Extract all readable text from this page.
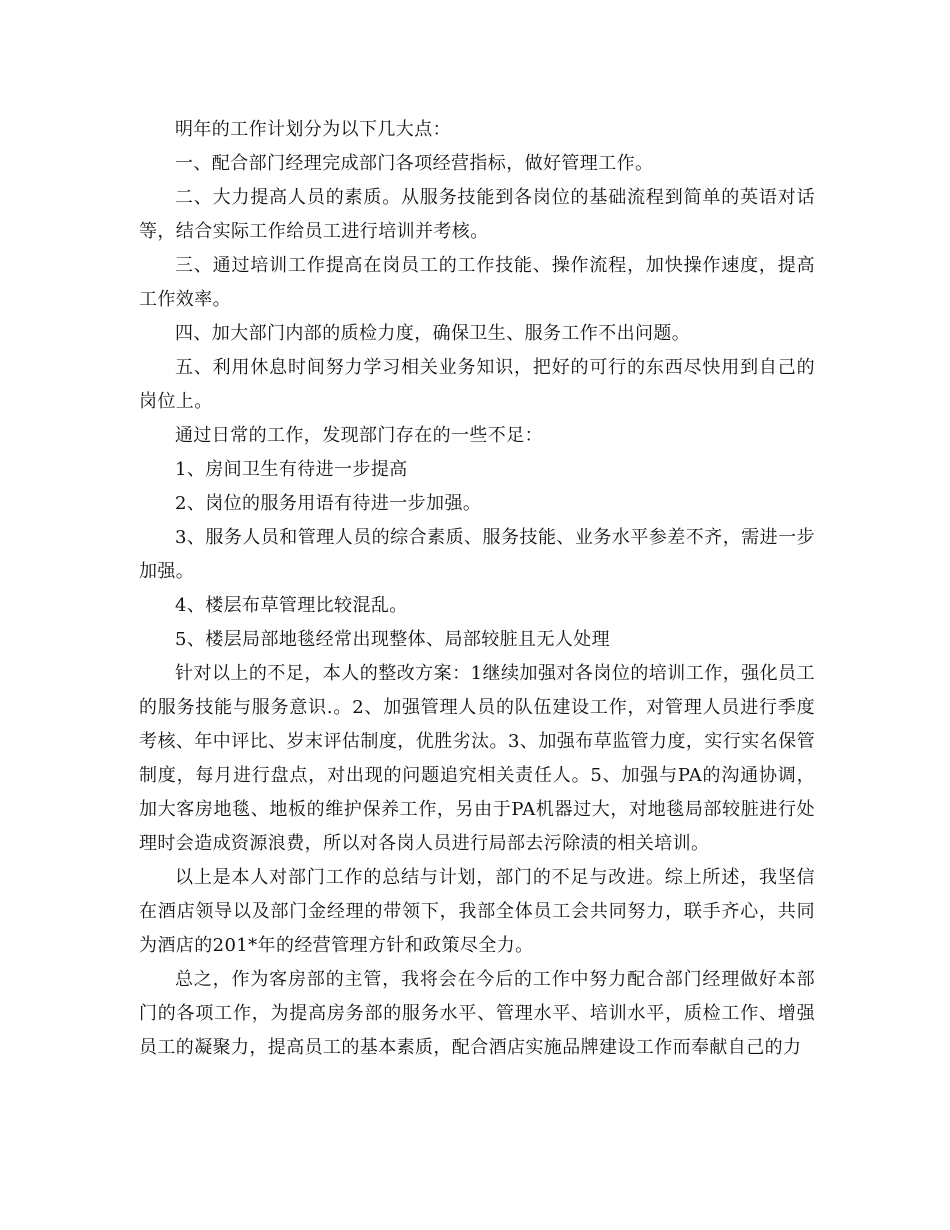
明年的工作计划分为以下几大点：

一、配合部门经理完成部门各项经营指标，做好管理工作。

二、大力提高人员的素质。从服务技能到各岗位的基础流程到简单的英语对话等，结合实际工作给员工进行培训并考核。

三、通过培训工作提高在岗员工的工作技能、操作流程，加快操作速度，提高工作效率。

四、加大部门内部的质检力度，确保卫生、服务工作不出问题。

五、利用休息时间努力学习相关业务知识，把好的可行的东西尽快用到自己的岗位上。

通过日常的工作，发现部门存在的一些不足：

1、房间卫生有待进一步提高

2、岗位的服务用语有待进一步加强。

3、服务人员和管理人员的综合素质、服务技能、业务水平参差不齐，需进一步加强。

4、楼层布草管理比较混乱。

5、楼层局部地毯经常出现整体、局部较脏且无人处理

针对以上的不足，本人的整改方案：1继续加强对各岗位的培训工作，强化员工的服务技能与服务意识.。2、加强管理人员的队伍建设工作，对管理人员进行季度考核、年中评比、岁末评估制度，优胜劣汰。3、加强布草监管力度，实行实名保管制度，每月进行盘点，对出现的问题追究相关责任人。5、加强与PA的沟通协调，加大客房地毯、地板的维护保养工作，另由于PA机器过大，对地毯局部较脏进行处理时会造成资源浪费，所以对各岗人员进行局部去污除渍的相关培训。

以上是本人对部门工作的总结与计划，部门的不足与改进。综上所述，我坚信在酒店领导以及部门金经理的带领下，我部全体员工会共同努力，联手齐心，共同为酒店的201*年的经营管理方针和政策尽全力。

总之，作为客房部的主管，我将会在今后的工作中努力配合部门经理做好本部门的各项工作，为提高房务部的服务水平、管理水平、培训水平，质检工作、增强员工的凝聚力，提高员工的基本素质，配合酒店实施品牌建设工作而奉献自己的力
